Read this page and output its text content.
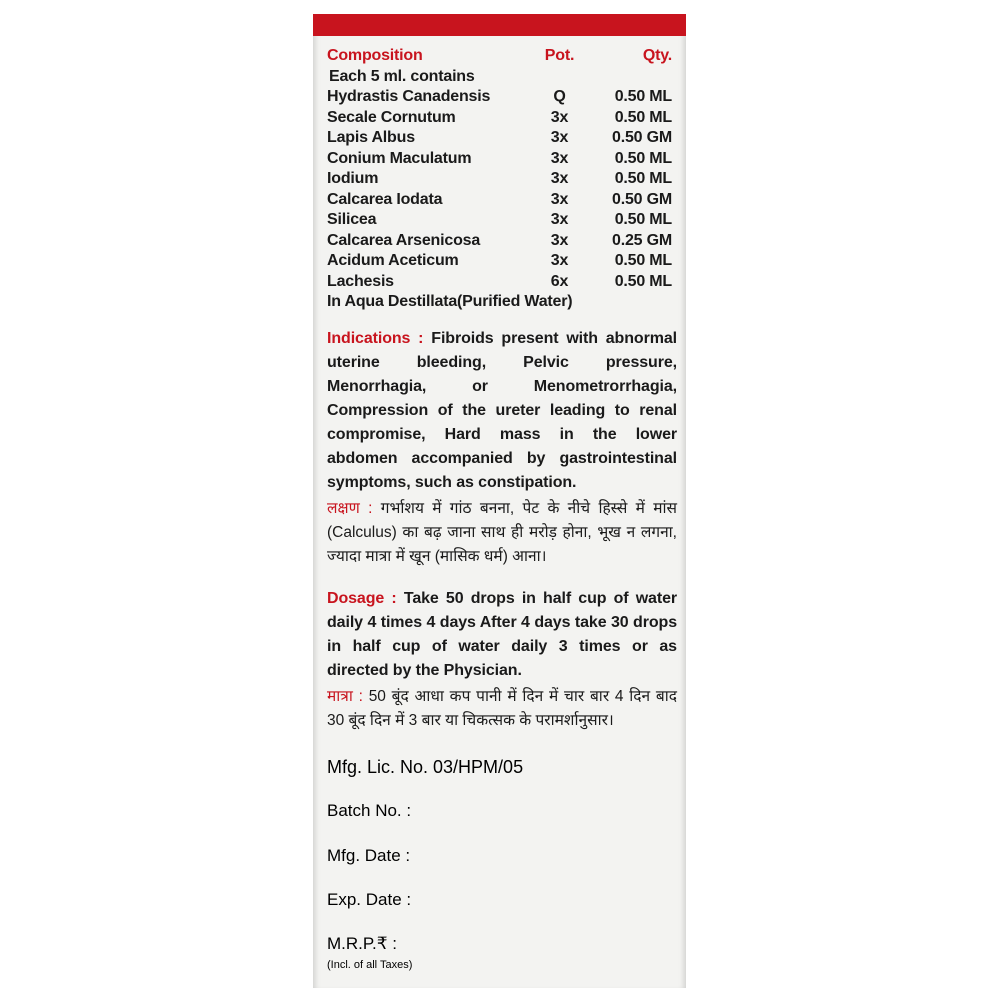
Composition	Pot.	Qty.
Each 5 ml. contains
Hydrastis Canadensis	Q	0.50 ML
Secale Cornutum	3x	0.50 ML
Lapis Albus	3x	0.50 GM
Conium Maculatum	3x	0.50 ML
Iodium	3x	0.50 ML
Calcarea Iodata	3x	0.50 GM
Silicea	3x	0.50 ML
Calcarea Arsenicosa	3x	0.25 GM
Acidum Aceticum	3x	0.50 ML
Lachesis	6x	0.50 ML
In Aqua Destillata(Purified Water)
Indications : Fibroids present with abnormal uterine bleeding, Pelvic pressure, Menorrhagia, or Menometrorrhagia, Compression of the ureter leading to renal compromise, Hard mass in the lower abdomen accompanied by gastrointestinal symptoms, such as constipation.
लक्षण : गर्भाशय में गांठ बनना, पेट के नीचे हिस्से में मांस (Calculus) का बढ़ जाना साथ ही मरोड़ होना, भूख न लगना, ज्यादा मात्रा में खून (मासिक धर्म) आना।
Dosage : Take 50 drops in half cup of water daily 4 times 4 days After 4 days take 30 drops in half cup of water daily 3 times or as directed by the Physician.
मात्रा : 50 बूंद आधा कप पानी में दिन में चार बार 4 दिन बाद 30 बूंद दिन में 3 बार या चिकत्सक के परामर्शानुसार।
Mfg. Lic. No. 03/HPM/05
Batch No. :
Mfg. Date :
Exp. Date :
M.R.P.₹ :
(Incl. of all Taxes)
